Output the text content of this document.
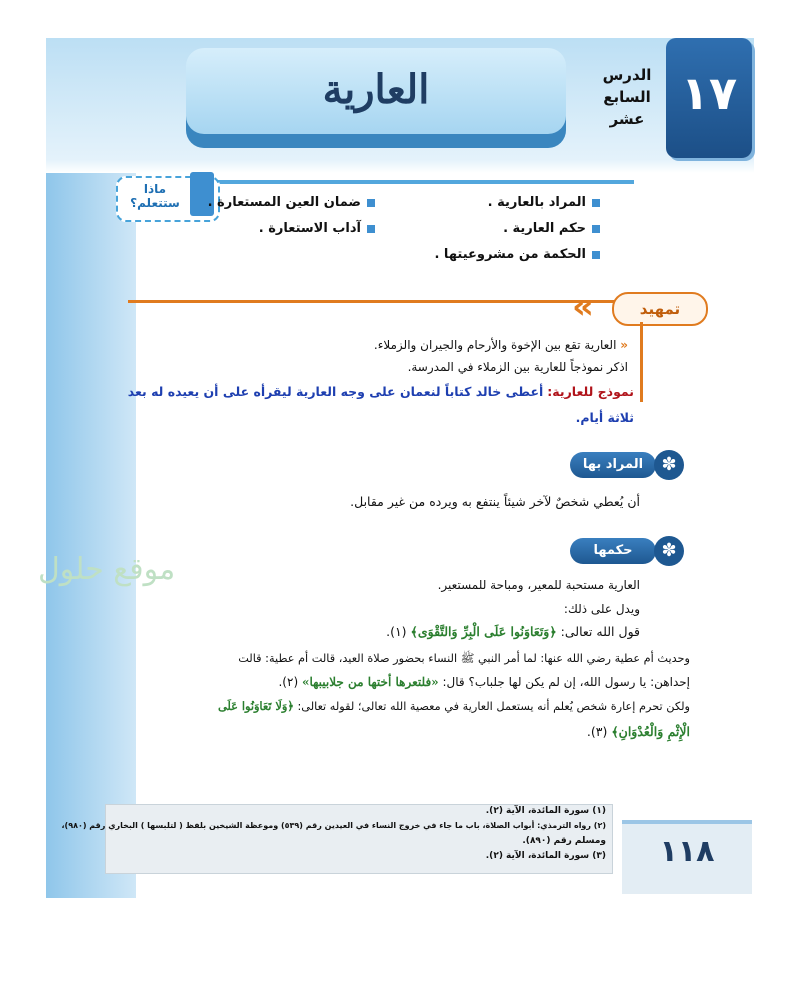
العارية	الدرس
السابع
عشر ١٧
ماذا
ستتعلم؟	المراد بالعارية .
حكم العارية .
الحكمة من مشروعيتها .
ضمان العين المستعارة .
آداب الاستعارة .
«	تمهيد
« العارية تقع بين الإخوة والأرحام والجيران والزملاء.
اذكر نموذجاً للعارية بين الزملاء في المدرسة.
نموذج للعارية: أعطى خالد كتاباً لنعمان على وجه العارية ليقرأه على أن يعيده له بعد
ثلاثة أيام.
المراد بها	✽
أن يُعطي شخصٌ لآخر شيئاً ينتفع به ويرده من غير مقابل.
حكمها	✽
موقع حلول	العارية مستحبة للمعير، ومباحة للمستعير.
ويدل على ذلك:
قول الله تعالى: ﴿وَتَعَاوَنُوا عَلَى الْبِرِّ وَالتَّقْوَى﴾ (١).
وحديث أم عطية رضي الله عنها: لما أمر النبي ﷺ النساء بحضور صلاة العيد، قالت أم عطية: قالت
إحداهن: يا رسول الله، إن لم يكن لها جلباب؟ قال: «فلتعرها أختها من جلابيبها» (٢).
ولكن تحرم إعارة شخص يُعلم أنه يستعمل العارية في معصية الله تعالى؛ لقوله تعالى: ﴿وَلَا تَعَاوَنُوا عَلَى
الْإِثْمِ وَالْعُدْوَانِ﴾ (٣).
(١) سورة المائدة، الآية (٢).
(٢) رواه الترمذي: أبواب الصلاة، باب ما جاء في خروج النساء في العيدين رقم (٥٣٩) وموعظة الشيخين بلفظ ( لتلبسها ) البخاري رقم (٩٨٠)،
ومسلم رقم (٨٩٠).
(٣) سورة المائدة، الآية (٢).	١١٨
